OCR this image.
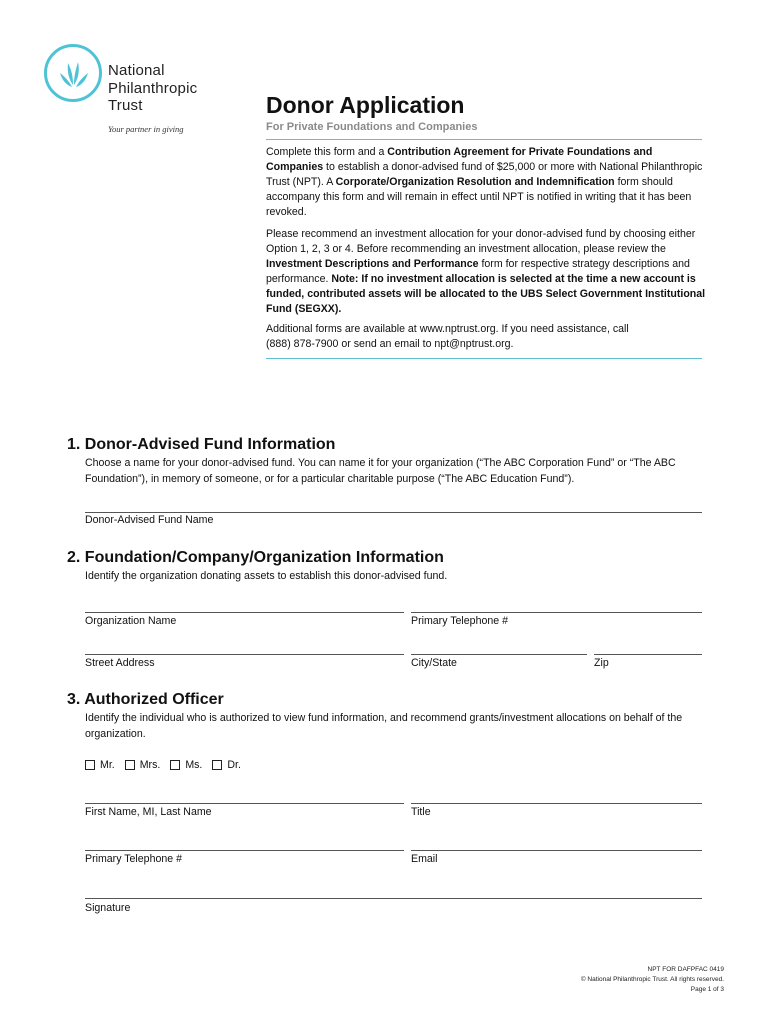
National
Philanthropic
Trust
Your partner in giving
Donor Application
For Private Foundations and Companies

Complete this form and a Contribution Agreement for Private Foundations and Companies to establish a donor-advised fund of $25,000 or more with National Philanthropic Trust (NPT). A Corporate/Organization Resolution and Indemnification form should accompany this form and will remain in effect until NPT is notified in writing that it has been revoked.

Please recommend an investment allocation for your donor-advised fund by choosing either Option 1, 2, 3 or 4. Before recommending an investment allocation, please review the Investment Descriptions and Performance form for respective strategy descriptions and performance. Note: If no investment allocation is selected at the time a new account is funded, contributed assets will be allocated to the UBS Select Government Institutional Fund (SEGXX).

Additional forms are available at www.nptrust.org. If you need assistance, call (888) 878-7900 or send an email to npt@nptrust.org.

1. Donor-Advised Fund Information
Choose a name for your donor-advised fund. You can name it for your organization (“The ABC Corporation Fund” or “The ABC Foundation”), in memory of someone, or for a particular charitable purpose (“The ABC Education Fund”).
Donor-Advised Fund Name
2. Foundation/Company/Organization Information
Identify the organization donating assets to establish this donor-advised fund.
Organization Name	Primary Telephone #
Street Address	City/State	Zip
3. Authorized Officer
Identify the individual who is authorized to view fund information, and recommend grants/investment allocations on behalf of the organization.
Mr. Mrs. Ms. Dr.
First Name, MI, Last Name	Title
Primary Telephone #	Email
Signature
NPT FOR DAFPFAC 0419
© National Philanthropic Trust. All rights reserved.
Page 1 of 3
